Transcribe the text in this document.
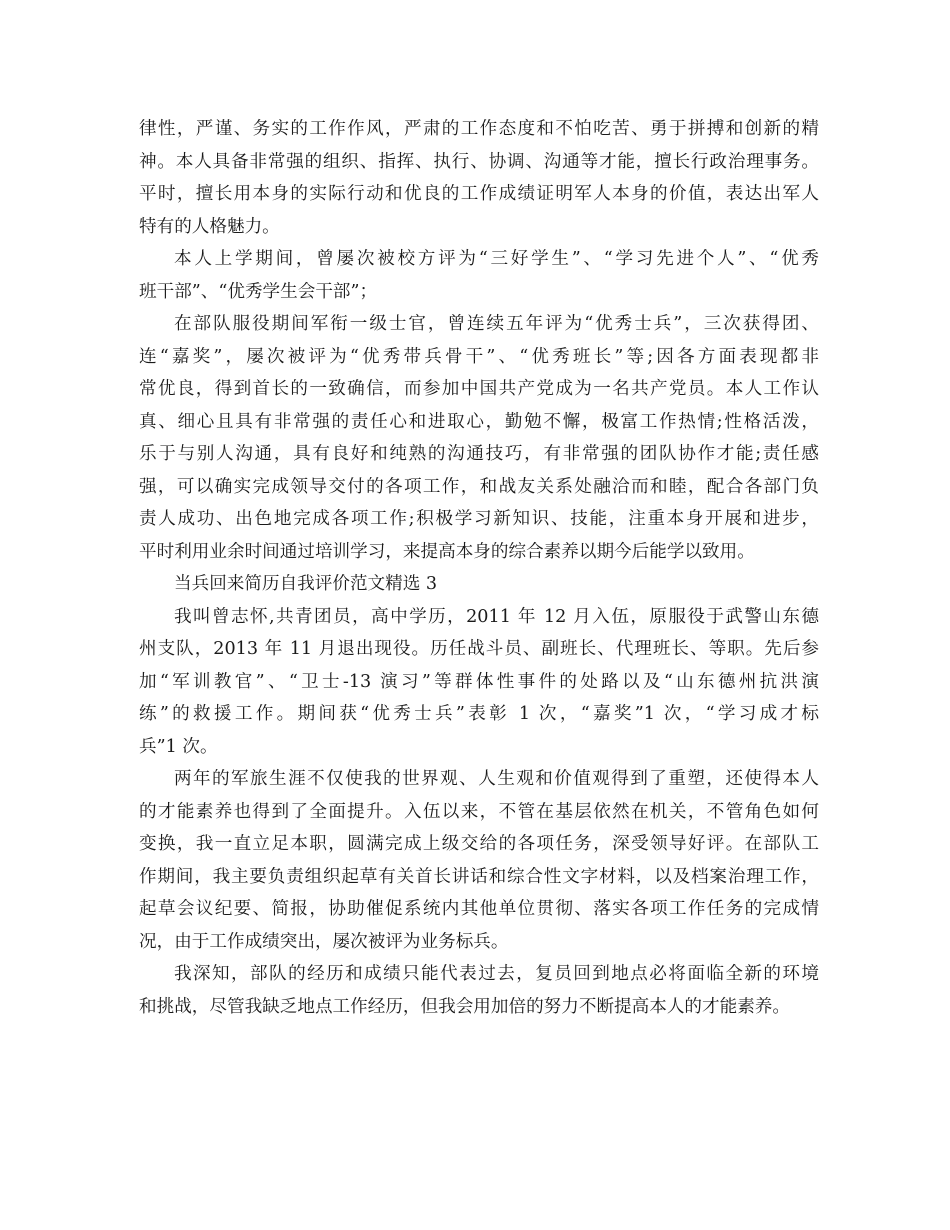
律性，严谨、务实的工作作风，严肃的工作态度和不怕吃苦、勇于拼搏和创新的精
神。本人具备非常强的组织、指挥、执行、协调、沟通等才能，擅长行政治理事务。
平时，擅长用本身的实际行动和优良的工作成绩证明军人本身的价值，表达出军人
特有的人格魅力。
本人上学期间，曾屡次被校方评为“三好学生”、“学习先进个人”、“优秀
班干部”、“优秀学生会干部”；
在部队服役期间军衔一级士官，曾连续五年评为“优秀士兵”，三次获得团、
连“嘉奖”，屡次被评为“优秀带兵骨干”、“优秀班长”等;因各方面表现都非
常优良，得到首长的一致确信，而参加中国共产党成为一名共产党员。本人工作认
真、细心且具有非常强的责任心和进取心，勤勉不懈，极富工作热情;性格活泼，
乐于与别人沟通，具有良好和纯熟的沟通技巧，有非常强的团队协作才能;责任感
强，可以确实完成领导交付的各项工作，和战友关系处融洽而和睦，配合各部门负
责人成功、出色地完成各项工作;积极学习新知识、技能，注重本身开展和进步，
平时利用业余时间通过培训学习，来提高本身的综合素养以期今后能学以致用。
当兵回来简历自我评价范文精选 3
我叫曾志怀,共青团员，高中学历，2011 年 12 月入伍，原服役于武警山东德
州支队，2013 年 11 月退出现役。历任战斗员、副班长、代理班长、等职。先后参
加“军训教官”、“卫士-13 演习”等群体性事件的处路以及“山东德州抗洪演
练”的救援工作。期间获“优秀士兵”表彰 1 次，“嘉奖”1 次，“学习成才标
兵”1 次。
两年的军旅生涯不仅使我的世界观、人生观和价值观得到了重塑，还使得本人
的才能素养也得到了全面提升。入伍以来，不管在基层依然在机关，不管角色如何
变换，我一直立足本职，圆满完成上级交给的各项任务，深受领导好评。在部队工
作期间，我主要负责组织起草有关首长讲话和综合性文字材料，以及档案治理工作，
起草会议纪要、简报，协助催促系统内其他单位贯彻、落实各项工作任务的完成情
况，由于工作成绩突出，屡次被评为业务标兵。
我深知，部队的经历和成绩只能代表过去，复员回到地点必将面临全新的环境
和挑战，尽管我缺乏地点工作经历，但我会用加倍的努力不断提高本人的才能素养。
